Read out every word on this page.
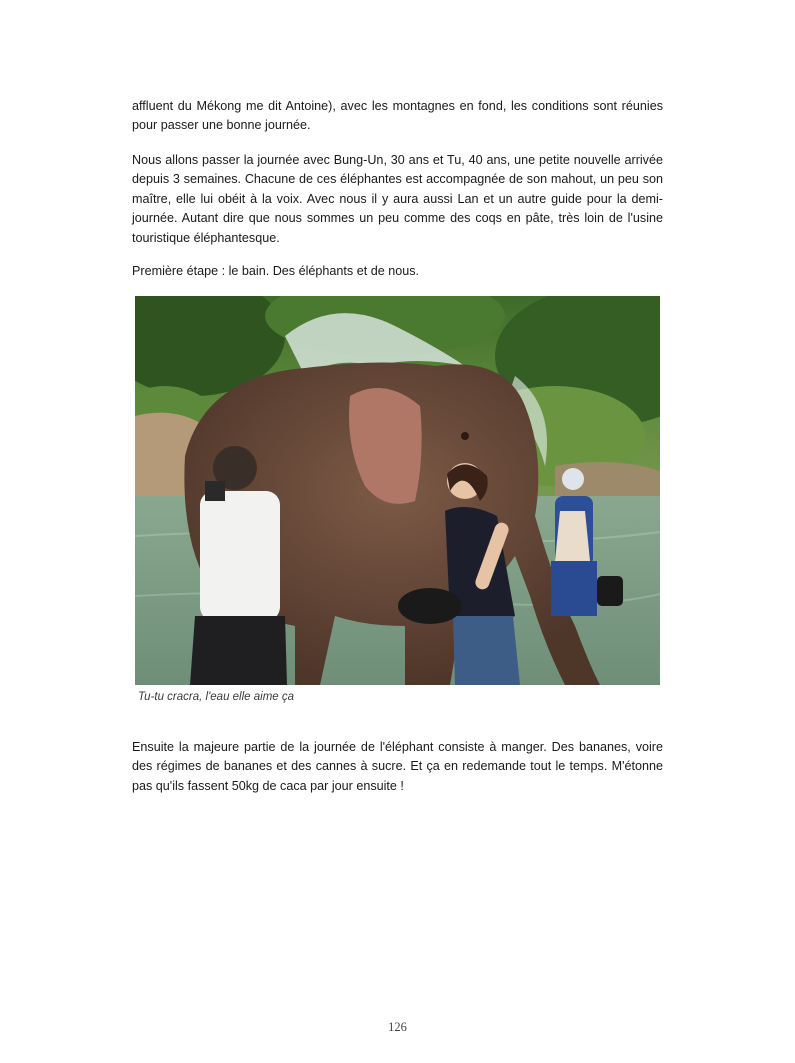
affluent du Mékong me dit Antoine), avec les montagnes en fond, les conditions sont réunies pour passer une bonne journée.

Nous allons passer la journée avec Bung-Un, 30 ans et Tu, 40 ans, une petite nouvelle arrivée depuis 3 semaines. Chacune de ces éléphantes est accompagnée de son mahout, un peu son maître, elle lui obéit à la voix. Avec nous il y aura aussi Lan et un autre guide pour la demi-journée. Autant dire que nous sommes un peu comme des coqs en pâte, très loin de l'usine touristique éléphantesque.

Première étape : le bain. Des éléphants et de nous.

Tu-tu cracra, l'eau elle aime ça

Ensuite la majeure partie de la journée de l'éléphant consiste à manger. Des bananes, voire des régimes de bananes et des cannes à sucre. Et ça en redemande tout le temps. M'étonne pas qu'ils fassent 50kg de caca par jour ensuite !

126
